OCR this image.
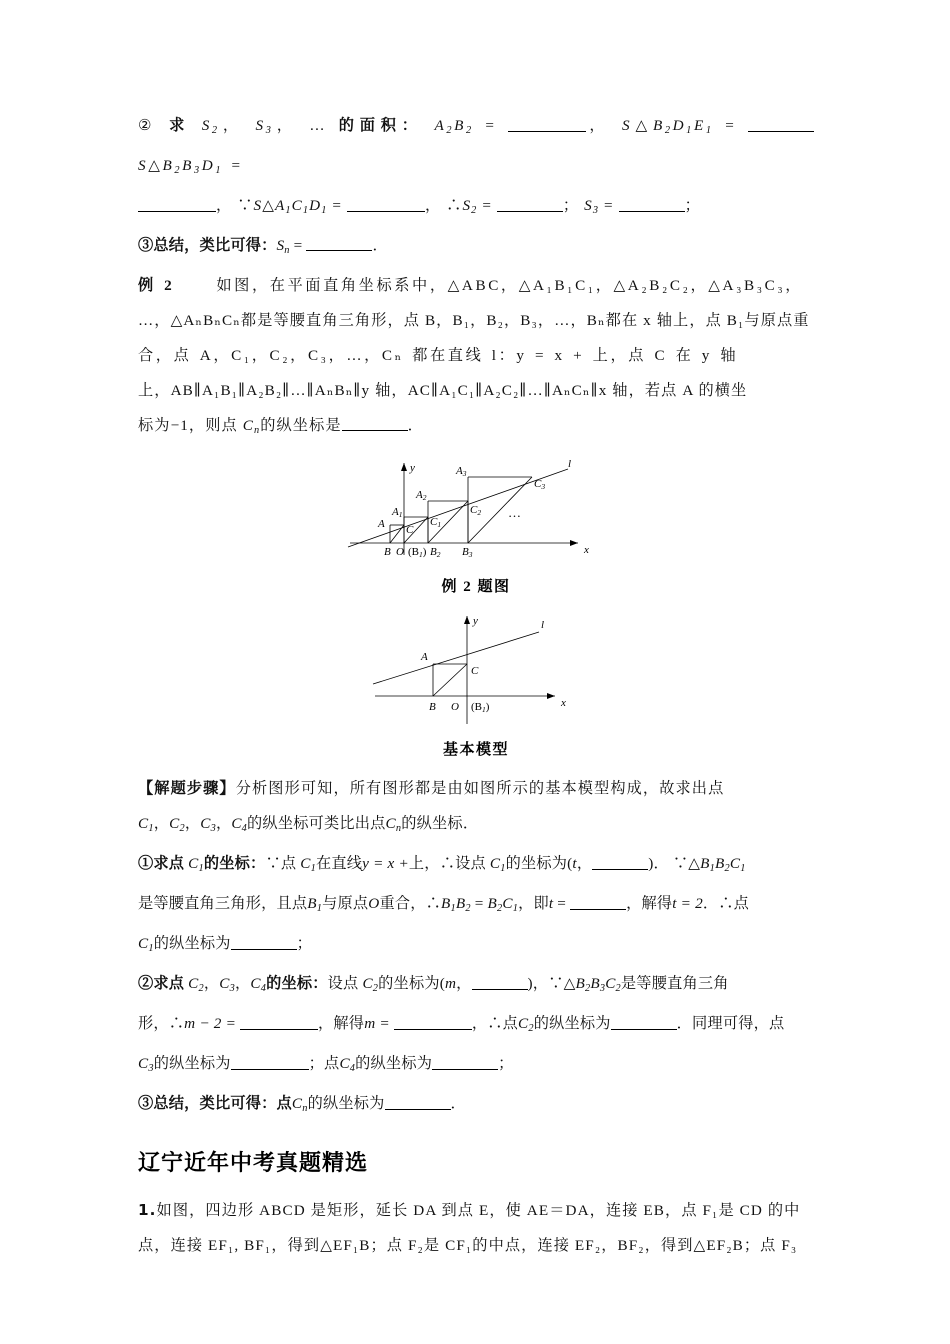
② 求 $S_2$， $S_3$， … 的面积： $A_2B_2$ =	， $S\triangle B_2D_1E_1$ = $S\triangle B_2B_3D_1$ =

， $\because S\triangle A_1C_1D_1$ =	， $\therefore S_2$ =	； $S_3$ =	；

③总结，类比可得：$S_n$ =	．

例 2	如图，在平面直角坐标系中，△ABC，△A₁B₁C₁，△A₂B₂C₂，△A₃B₃C₃，

…，△AₙBₙCₙ都是等腰直角三角形，点 B，B₁，B₂，B₃，…，Bₙ都在 x 轴上，点 B₁与原点重

合，点 A，C₁，C₂，C₃，…，Cₙ 都在直线 l：y = x + 上，点 C 在 y 轴

上，AB∥A₁B₁∥A₂B₂∥…∥AₙBₙ∥y 轴，AC∥A₁C₁∥A₂C₂∥…∥AₙCₙ∥x 轴，若点 A 的横坐

标为−1，则点 $C_n$的纵坐标是	．

x
y	l
A
A1
A2
A3
C
C1
C2
C3
B O (B1) B2 B3
…

例 2 题图

x
y	l
A
C
B O (B1)

基本模型

【解题步骤】分析图形可知，所有图形都是由如图所示的基本模型构成，故求出点

$C_1$，$C_2$，$C_3$，$C_4$的纵坐标可类比出点$C_n$的纵坐标．

①求点 $C_1$的坐标：∵点 $C_1$在直线y = x +上，∴设点 $C_1$的坐标为(t，	)． $\because\triangle B_1B_2C_1$

是等腰直角三角形，且点$B_1$与原点O重合，$\therefore B_1B_2 = B_2C_1$，即t =	，解得t = 2．∴点

$C_1$的纵坐标为	；

②求点 $C_2$，$C_3$，$C_4$的坐标：设点 $C_2$的坐标为(m，	)，$\because\triangle B_2B_3C_2$是等腰直角三角

形，∴m − 2 =	，解得m =	，∴点$C_2$的纵坐标为	．同理可得，点

$C_3$的纵坐标为	；点$C_4$的纵坐标为	；

③总结，类比可得：点$C_n$的纵坐标为	．

辽宁近年中考真题精选

1.如图，四边形 ABCD 是矩形，延长 DA 到点 E，使 AE＝DA，连接 EB，点 F₁是 CD 的中

点，连接 EF₁, BF₁，得到△EF₁B；点 F₂是 CF₁的中点，连接 EF₂，BF₂，得到△EF₂B；点 F₃
